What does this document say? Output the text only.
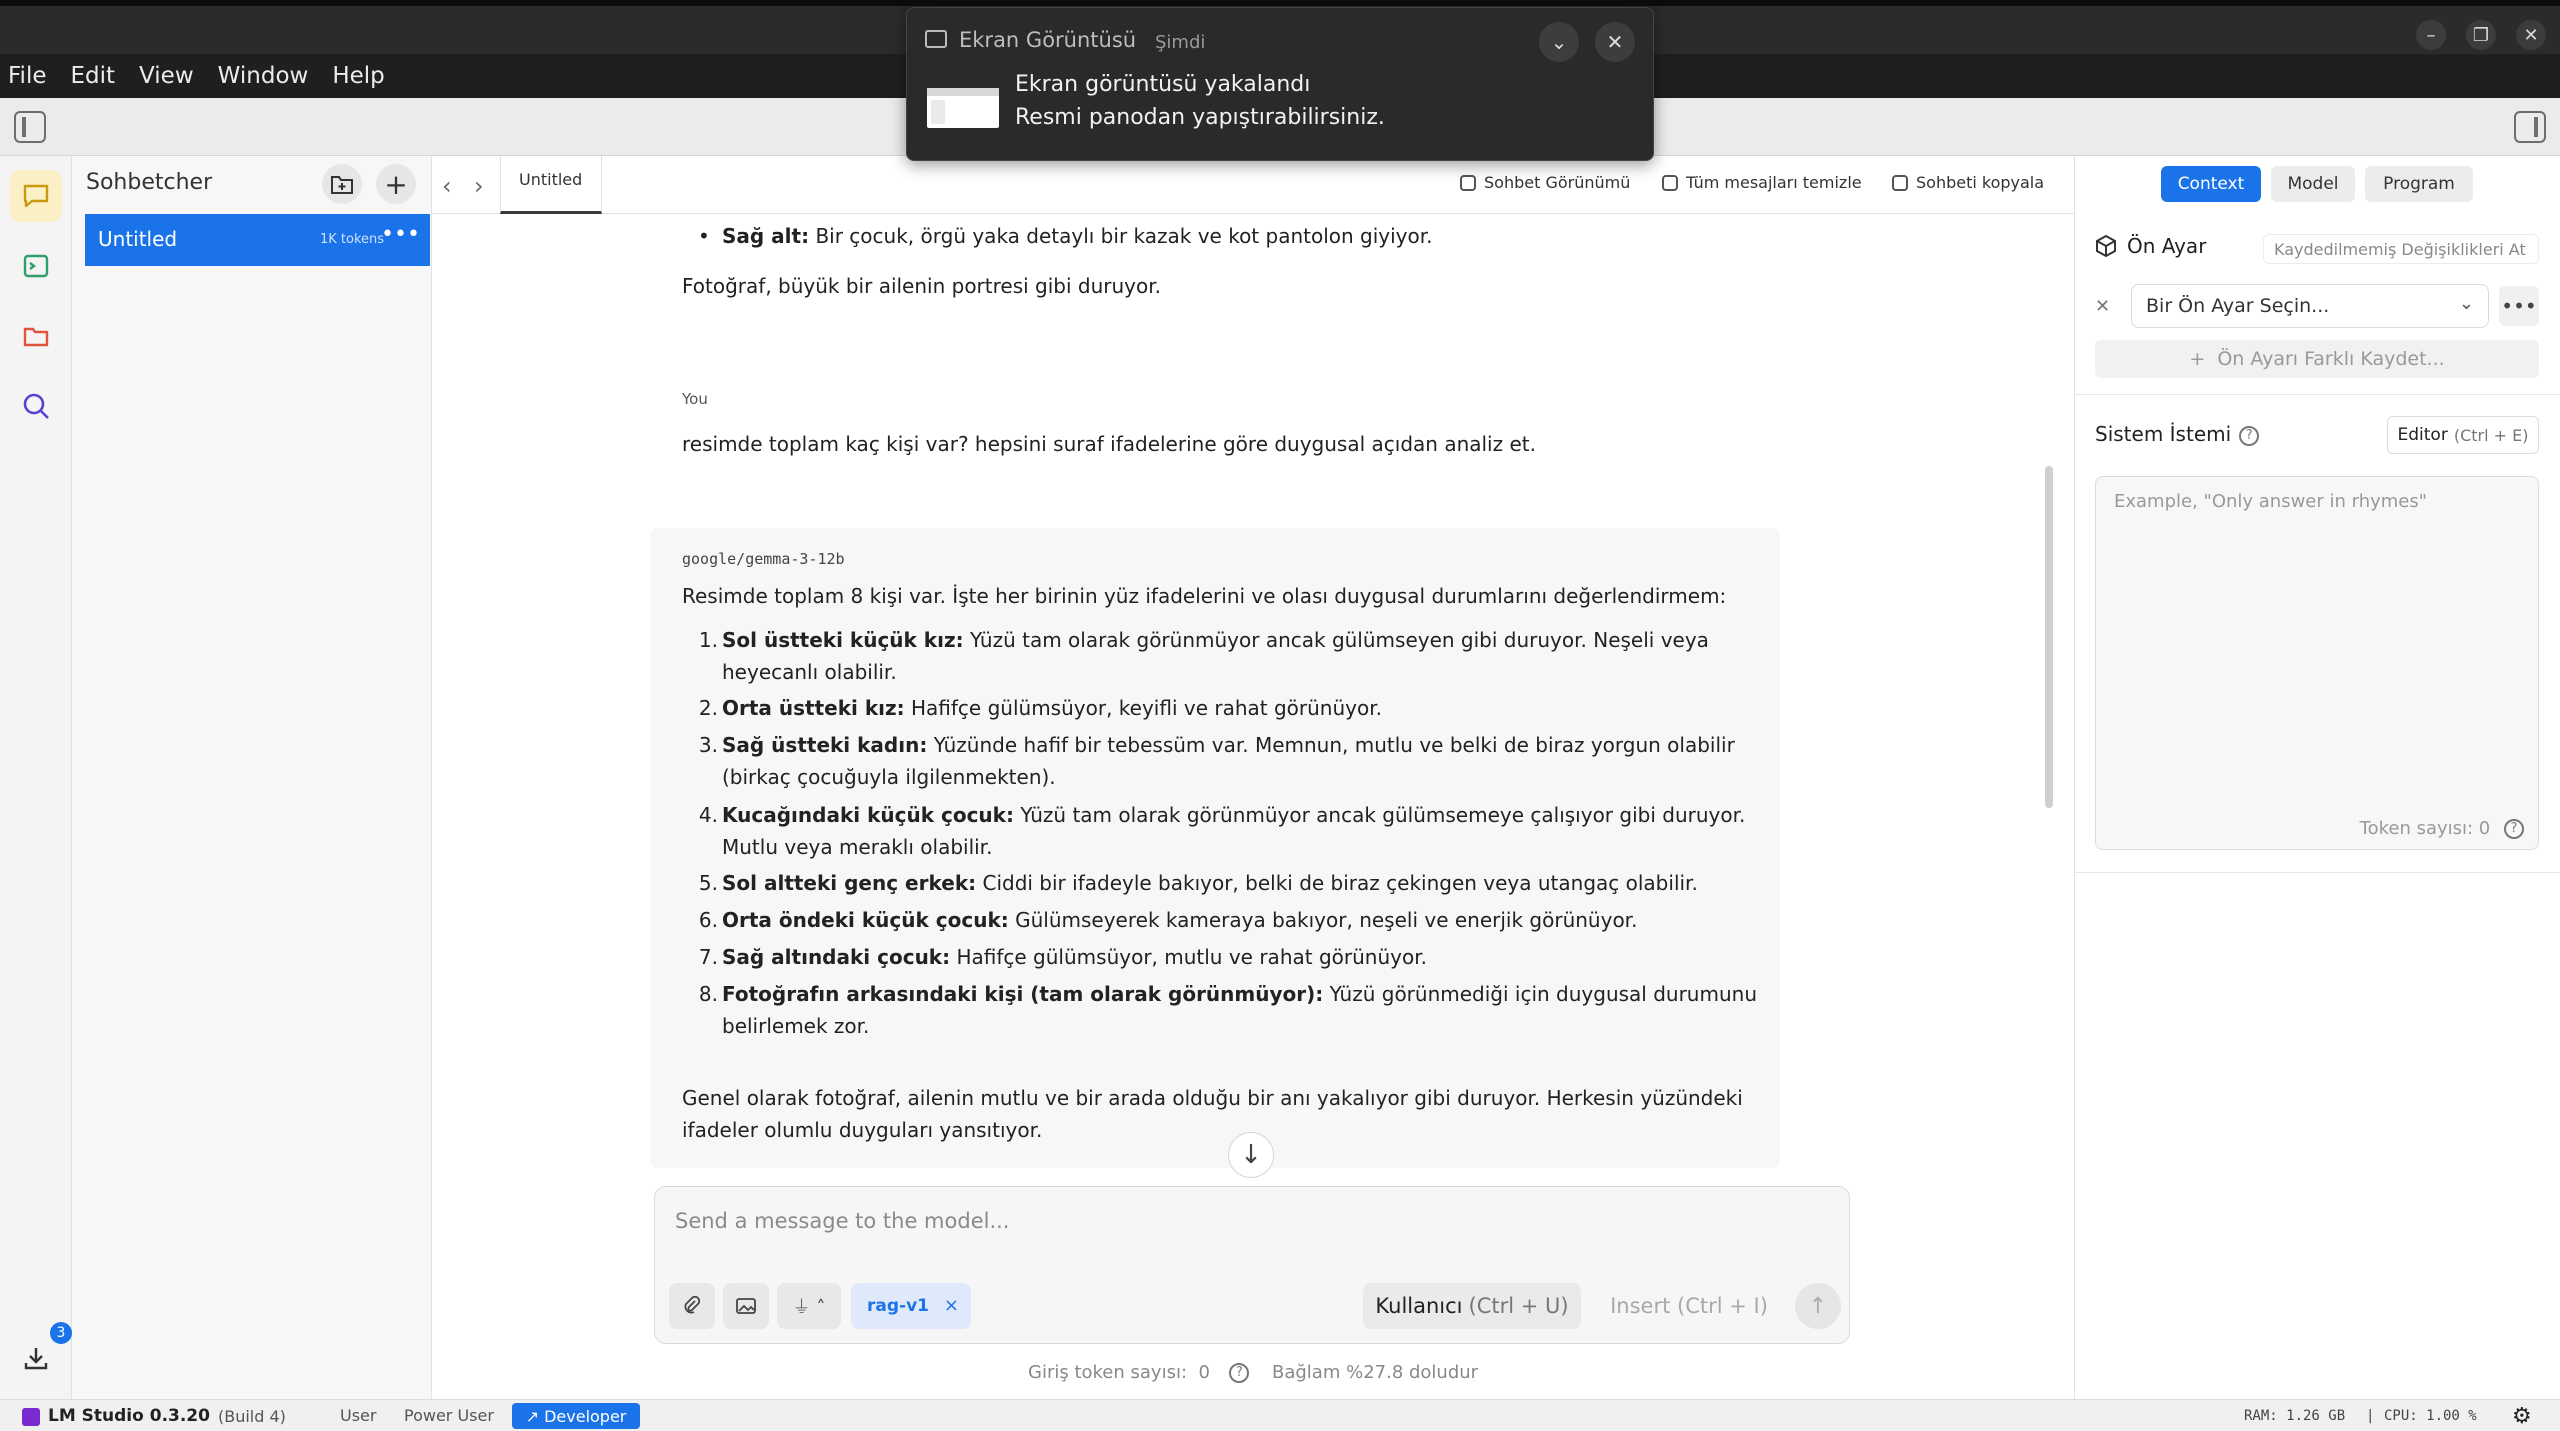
–	❐	✕
File Edit View Window Help
3
Sohbetcher	+
Untitled	1K tokens
•••
‹ › Untitled	Sohbet Görünümü	Tüm mesajları temizle	Sohbeti kopyala
• Sağ alt: Bir çocuk, örgü yaka detaylı bir kazak ve kot pantolon giyiyor.
Fotoğraf, büyük bir ailenin portresi gibi duruyor.
You
resimde toplam kaç kişi var? hepsini suraf ifadelerine göre duygusal açıdan analiz et.
google/gemma-3-12b
Resimde toplam 8 kişi var. İşte her birinin yüz ifadelerini ve olası duygusal durumlarını değerlendirmem:
1. Sol üstteki küçük kız: Yüzü tam olarak görünmüyor ancak gülümseyen gibi duruyor. Neşeli veya heyecanlı olabilir.
2. Orta üstteki kız: Hafifçe gülümsüyor, keyifli ve rahat görünüyor.
3. Sağ üstteki kadın: Yüzünde hafif bir tebessüm var. Memnun, mutlu ve belki de biraz yorgun olabilir (birkaç çocuğuyla ilgilenmekten).
4. Kucağındaki küçük çocuk: Yüzü tam olarak görünmüyor ancak gülümsemeye çalışıyor gibi duruyor. Mutlu veya meraklı olabilir.
5. Sol altteki genç erkek: Ciddi bir ifadeyle bakıyor, belki de biraz çekingen veya utangaç olabilir.
6. Orta öndeki küçük çocuk: Gülümseyerek kameraya bakıyor, neşeli ve enerjik görünüyor.
7. Sağ altındaki çocuk: Hafifçe gülümsüyor, mutlu ve rahat görünüyor.
8. Fotoğrafın arkasındaki kişi (tam olarak görünmüyor): Yüzü görünmediği için duygusal durumunu belirlemek zor.
Genel olarak fotoğraf, ailenin mutlu ve bir arada olduğu bir anı yakalıyor gibi duruyor. Herkesin yüzündeki ifadeler olumlu duyguları yansıtıyor.
↓
Send a message to the model...
⏚ ˄	rag-v1 ×	Kullanıcı (Ctrl + U) Insert
(Ctrl + I)	↑
Giriş token sayısı: 0 ?	Bağlam %27.8 doludur
Context	Model	Program
Ön Ayar	Kaydedilmemiş Değişiklikleri At
✕ Bir Ön Ayar Seçin...	⌄ •••
+ Ön Ayarı Farklı Kaydet...
Sistem İstemi ?	Editor (Ctrl + E)
Example, "Only answer in rhymes"
Token sayısı: 0 ?
Ekran Görüntüsü Şimdi	⌄	✕
Ekran görüntüsü yakalandı
Resmi panodan yapıştırabilirsiniz.
LM Studio 0.3.20 (Build 4)	User Power User	↗ Developer	RAM: 1.26 GB | CPU: 1.00 % ⚙
